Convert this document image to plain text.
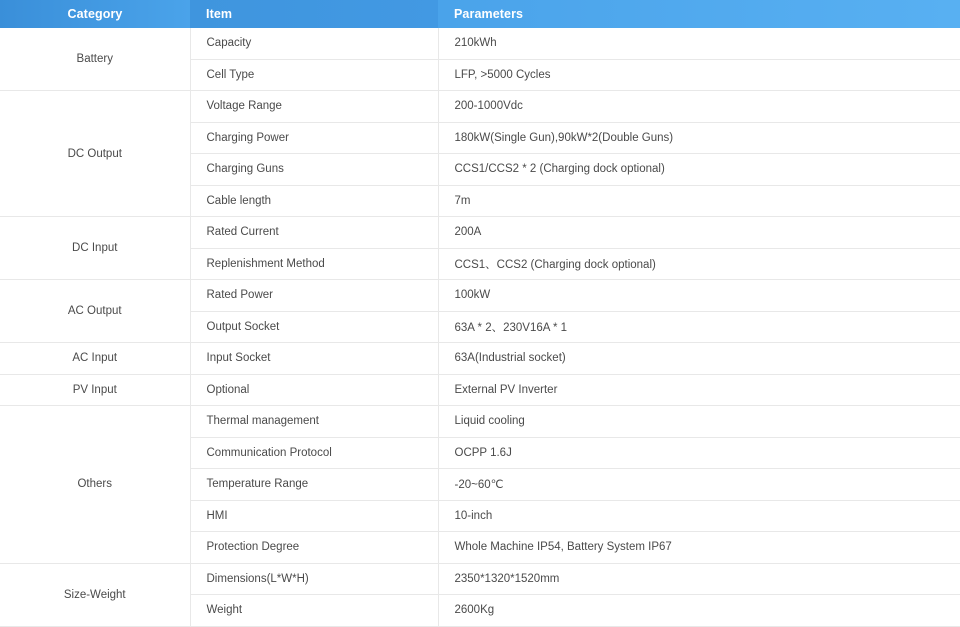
Category	Item	Parameters
Battery	Capacity	210kWh
	Cell Type	LFP, >5000 Cycles
DC Output	Voltage Range	200-1000Vdc
	Charging Power	180kW(Single Gun),90kW*2(Double Guns)
	Charging Guns	CCS1/CCS2 * 2 (Charging dock optional)
	Cable length	7m
DC Input	Rated Current	200A
	Replenishment Method	CCS1、CCS2 (Charging dock optional)
AC Output	Rated Power	100kW
	Output Socket	63A * 2、230V16A * 1
AC Input	Input Socket	63A(Industrial socket)
PV Input	Optional	External PV Inverter
Others	Thermal management	Liquid cooling
	Communication Protocol	OCPP 1.6J
	Temperature Range	-20~60℃
	HMI	10-inch
	Protection Degree	Whole Machine IP54, Battery System IP67
Size-Weight	Dimensions(L*W*H)	2350*1320*1520mm
	Weight	2600Kg
